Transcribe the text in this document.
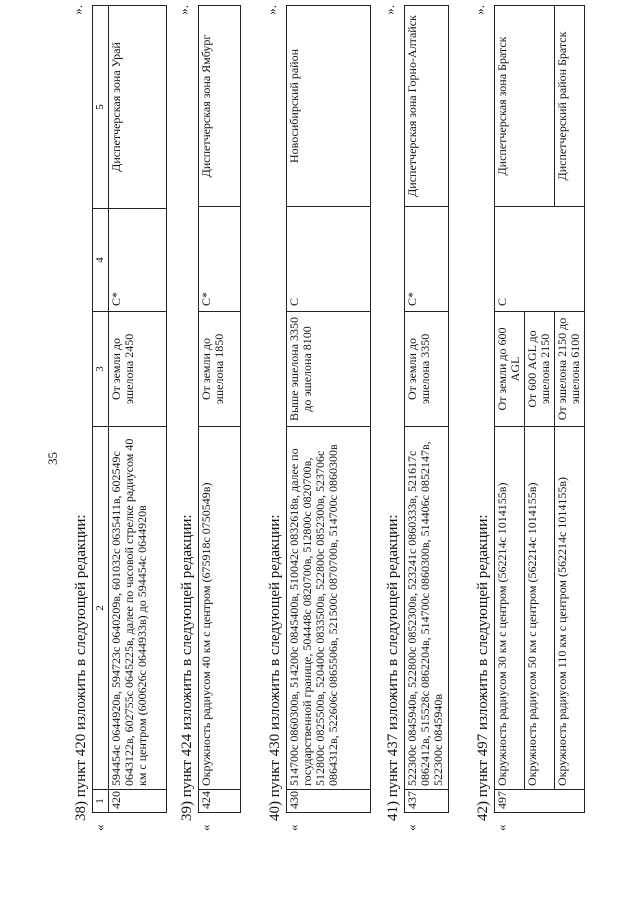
35
38) пункт 420 изложить в следующей редакции:
«
1	2	3	4	5
420	594454с 0644920в, 594723с 0640209в, 601032с 0635411в, 602549с 0643122в, 602755с 0645225в, далее по часовой стрелке радиусом 40 км с центром (600626с 0644933в) до 594454с 0644920в	От земли до эшелона 2450	С*	Диспетчерская зона Урай
».
39) пункт 424 изложить в следующей редакции:
«
424	Окружность радиусом 40 км с центром (675918с 0750549в)	От земли до эшелона 1850	С*	Диспетчерская зона Ямбург
».
40) пункт 430 изложить в следующей редакции:
«
430	514700с 0860300в, 514200с 0845400в, 510042с 0832618в, далее по государственной границе, 504448с 0820700в, 512800с 0820700в, 512800с 0825500в, 520400с 0833500в, 522800с 0852300в, 523706с 0864312в, 522606с 0865506в, 521500с 0870700в, 514700с 0860300в	Выше эшелона 3350 до эшелона 8100	С	Новосибирский район
».
41) пункт 437 изложить в следующей редакции:
«
437	522300с 0845940в, 522800с 0852300в, 523241с 0860333в, 521617с 0862412в, 515528с 0862204в, 514700с 0860300в, 514406с 0852147в, 522300с 0845940в	От земли до эшелона 3350	С*	Диспетчерская зона Горно-Алтайск
».
42) пункт 497 изложить в следующей редакции:
«
497	Окружность радиусом 30 км с центром (562214с 1014155в)	От земли до 600 AGL	С	Диспетчерская зона Братск
	Окружность радиусом 50 км с центром (562214с 1014155в)	От 600 AGL до эшелона 2150		
	Окружность радиусом 110 км с центром (562214с 1014155в)	От эшелона 2150 до эшелона 6100		Диспетчерский район Братск
».
